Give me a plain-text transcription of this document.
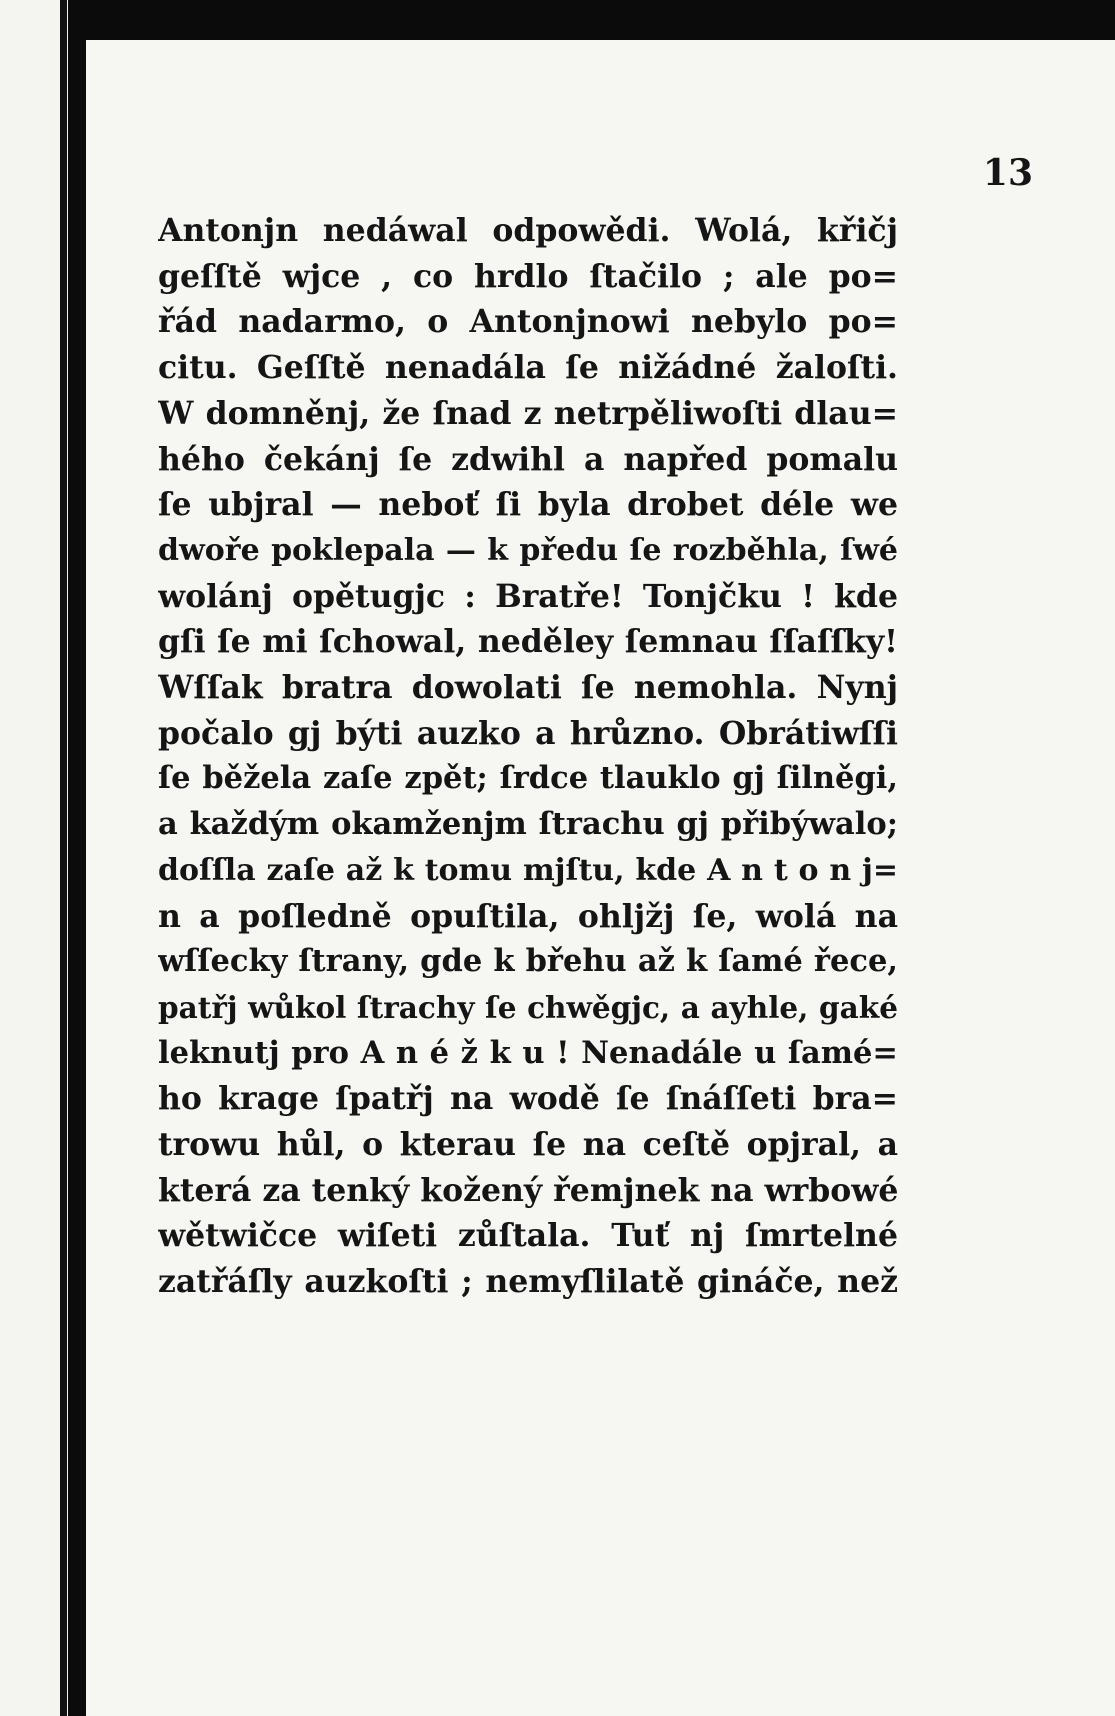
13
Antonjn nedáwal odpowědi. Wolá, křičj
geſſtě wjce , co hrdlo ſtačilo ; ale po=
řád nadarmo, o Antonjnowi nebylo po=
citu. Geſſtě nenadála ſe nižádné žaloſti.
W domněnj, že ſnad z netrpěliwoſti dlau=
hého čekánj ſe zdwihl a napřed pomalu
ſe ubjral — neboť ſi byla drobet déle we
dwoře poklepala — k předu ſe rozběhla, ſwé
wolánj opětugjc : Bratře! Tonjčku ! kde
gſi ſe mi ſchowal, neděley ſemnau ſſaſſky!
Wſſak bratra dowolati ſe nemohla. Nynj
počalo gj býti auzko a hrůzno. Obrátiwſſi
ſe běžela zaſe zpět; ſrdce tlauklo gj ſilněgi,
a každým okamženjm ſtrachu gj přibýwalo;
doſſla zaſe až k tomu mjſtu, kde A n t o n j=
n a poſledně opuſtila, ohljžj ſe, wolá na
wſſecky ſtrany, gde k břehu až k ſamé řece,
patřj wůkol ſtrachy ſe chwěgjc, a ayhle, gaké
leknutj pro A n é ž k u ! Nenadále u ſamé=
ho krage ſpatřj na wodě ſe ſnáſſeti bra=
trowu hůl, o kterau ſe na ceſtě opjral, a
která za tenký kožený řemjnek na wrbowé
wětwičce wiſeti zůſtala. Tuť nj ſmrtelné
zatřáſly auzkoſti ; nemyſlilatě gináče, než
